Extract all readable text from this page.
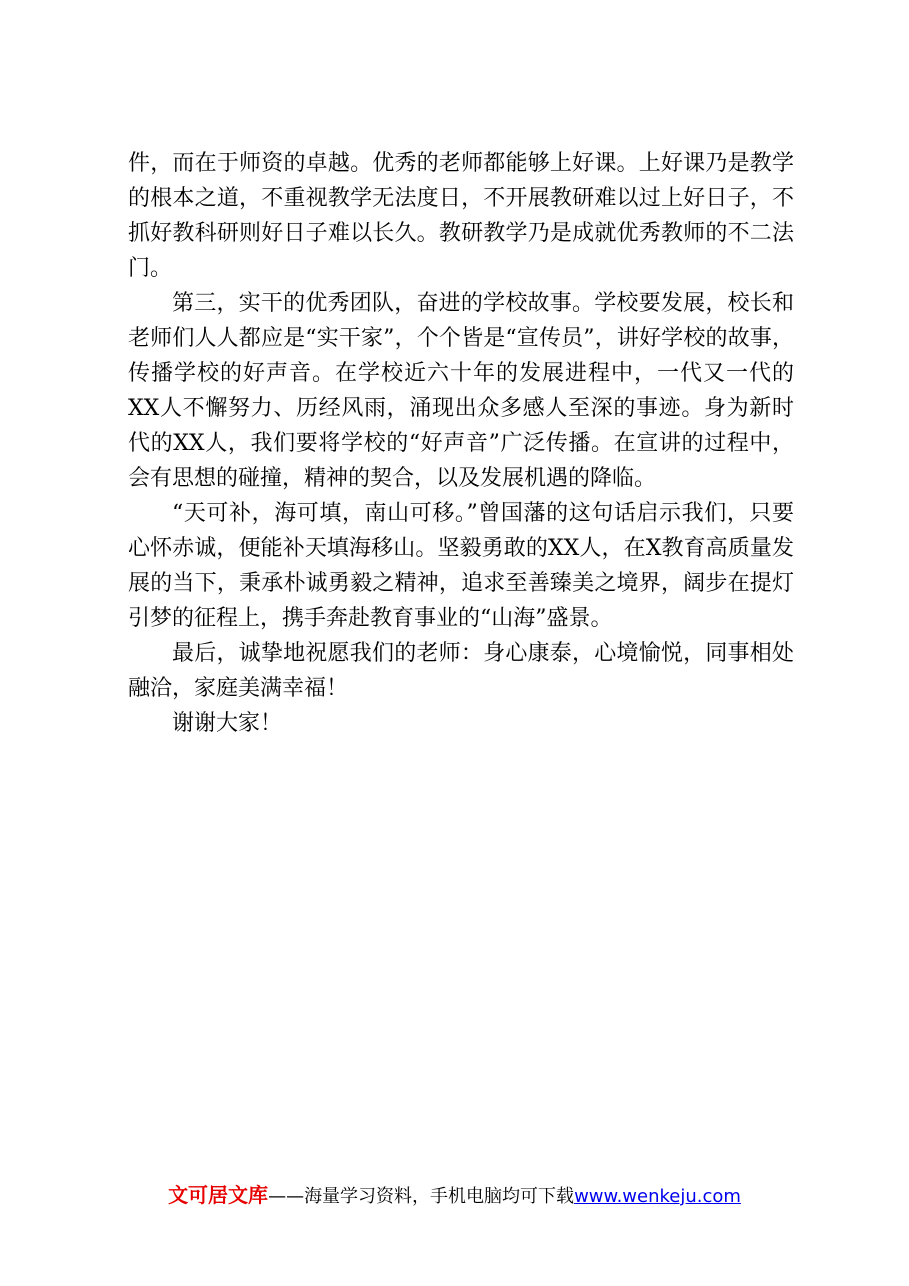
件，而在于师资的卓越。优秀的老师都能够上好课。上好课乃是教学的根本之道，不重视教学无法度日，不开展教研难以过上好日子，不抓好教科研则好日子难以长久。教研教学乃是成就优秀教师的不二法门。

第三，实干的优秀团队，奋进的学校故事。学校要发展，校长和老师们人人都应是“实干家”，个个皆是“宣传员”，讲好学校的故事，传播学校的好声音。在学校近六十年的发展进程中，一代又一代的XX人不懈努力、历经风雨，涌现出众多感人至深的事迹。身为新时代的XX人，我们要将学校的“好声音”广泛传播。在宣讲的过程中，会有思想的碰撞，精神的契合，以及发展机遇的降临。

“天可补，海可填，南山可移。”曾国藩的这句话启示我们，只要心怀赤诚，便能补天填海移山。坚毅勇敢的XX人，在X教育高质量发展的当下，秉承朴诚勇毅之精神，追求至善臻美之境界，阔步在提灯引梦的征程上，携手奔赴教育事业的“山海”盛景。

最后，诚挚地祝愿我们的老师：身心康泰，心境愉悦，同事相处融洽，家庭美满幸福！

谢谢大家！

文可居文库——海量学习资料，手机电脑均可下载www.wenkeju.com
